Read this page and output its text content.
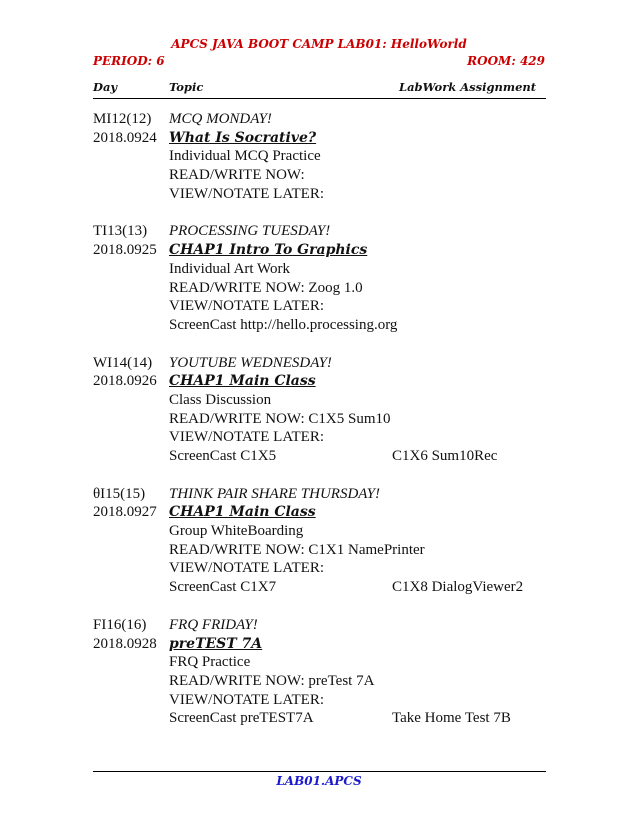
APCS JAVA BOOT CAMP LAB01: HelloWorld
PERIOD: 6	ROOM: 429
Day	Topic	LabWork Assignment
MI12(12) MCQ MONDAY!
2018.0924 What Is Socrative?
Individual MCQ Practice
READ/WRITE NOW:
VIEW/NOTATE LATER:
TI13(13) PROCESSING TUESDAY!
2018.0925 CHAP1 Intro To Graphics
Individual Art Work
READ/WRITE NOW: Zoog 1.0
VIEW/NOTATE LATER:
ScreenCast http://hello.processing.org
WI14(14) YOUTUBE WEDNESDAY!
2018.0926 CHAP1 Main Class
Class Discussion
READ/WRITE NOW: C1X5 Sum10
VIEW/NOTATE LATER:
ScreenCast C1X5	C1X6 Sum10Rec
θI15(15) THINK PAIR SHARE THURSDAY!
2018.0927 CHAP1 Main Class
Group WhiteBoarding
READ/WRITE NOW: C1X1 NamePrinter
VIEW/NOTATE LATER:
ScreenCast C1X7	C1X8 DialogViewer2
FI16(16) FRQ FRIDAY!
2018.0928 preTEST 7A
FRQ Practice
READ/WRITE NOW: preTest 7A
VIEW/NOTATE LATER:
ScreenCast preTEST7A	Take Home Test 7B
LAB01.APCS
